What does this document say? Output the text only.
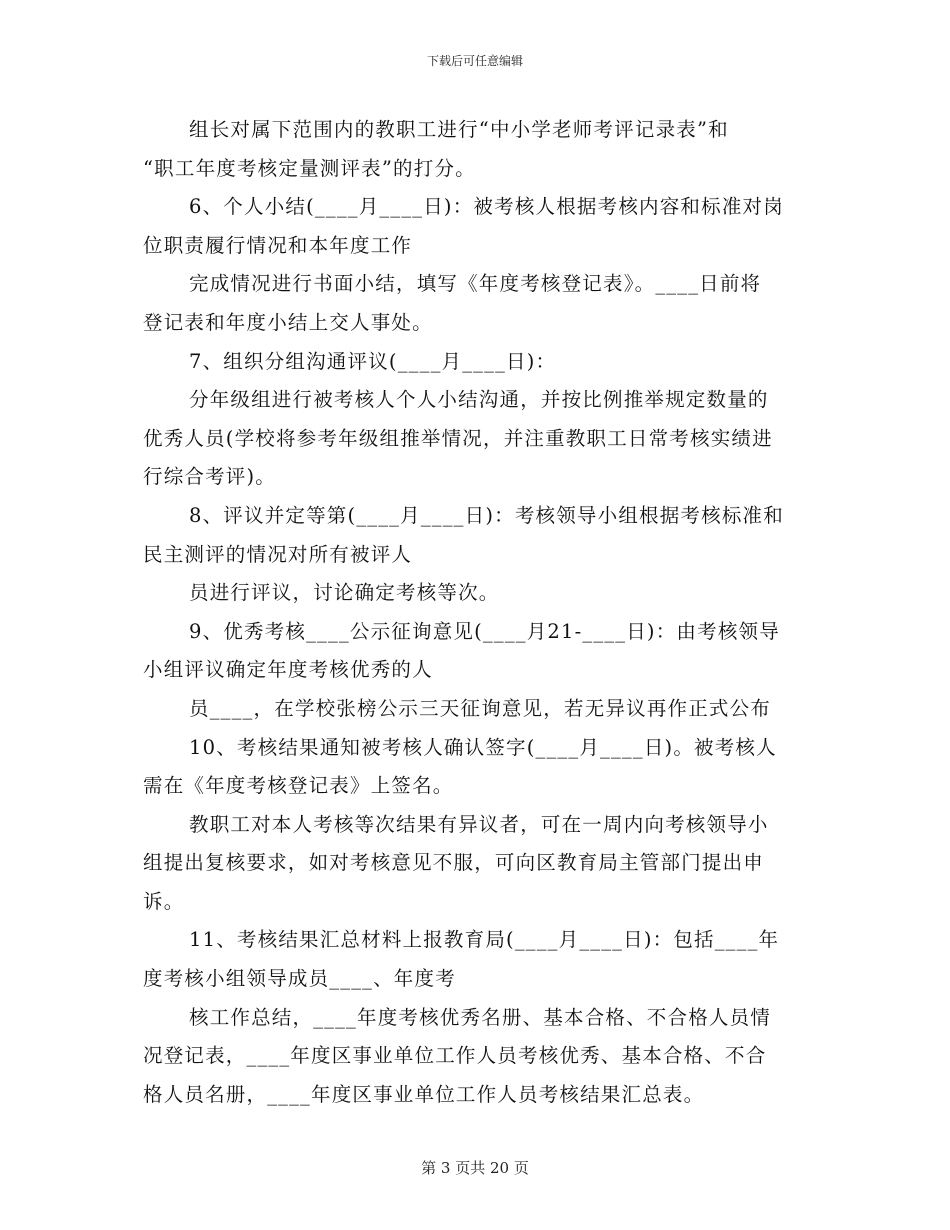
下载后可任意编辑
组长对属下范围内的教职工进行“中小学老师考评记录表”和
“职工年度考核定量测评表”的打分。
6、个人小结(____月____日)：被考核人根据考核内容和标准对岗
位职责履行情况和本年度工作
完成情况进行书面小结，填写《年度考核登记表》。____日前将
登记表和年度小结上交人事处。
7、组织分组沟通评议(____月____日)：
分年级组进行被考核人个人小结沟通，并按比例推举规定数量的
优秀人员(学校将参考年级组推举情况，并注重教职工日常考核实绩进
行综合考评)。
8、评议并定等第(____月____日)：考核领导小组根据考核标准和
民主测评的情况对所有被评人
员进行评议，讨论确定考核等次。
9、优秀考核____公示征询意见(____月21-____日)：由考核领导
小组评议确定年度考核优秀的人
员____，在学校张榜公示三天征询意见，若无异议再作正式公布
10、考核结果通知被考核人确认签字(____月____日)。被考核人
需在《年度考核登记表》上签名。
教职工对本人考核等次结果有异议者，可在一周内向考核领导小
组提出复核要求，如对考核意见不服，可向区教育局主管部门提出申
诉。
11、考核结果汇总材料上报教育局(____月____日)：包括____年
度考核小组领导成员____、年度考
核工作总结，____年度考核优秀名册、基本合格、不合格人员情
况登记表，____年度区事业单位工作人员考核优秀、基本合格、不合
格人员名册，____年度区事业单位工作人员考核结果汇总表。
第 3 页共 20 页
